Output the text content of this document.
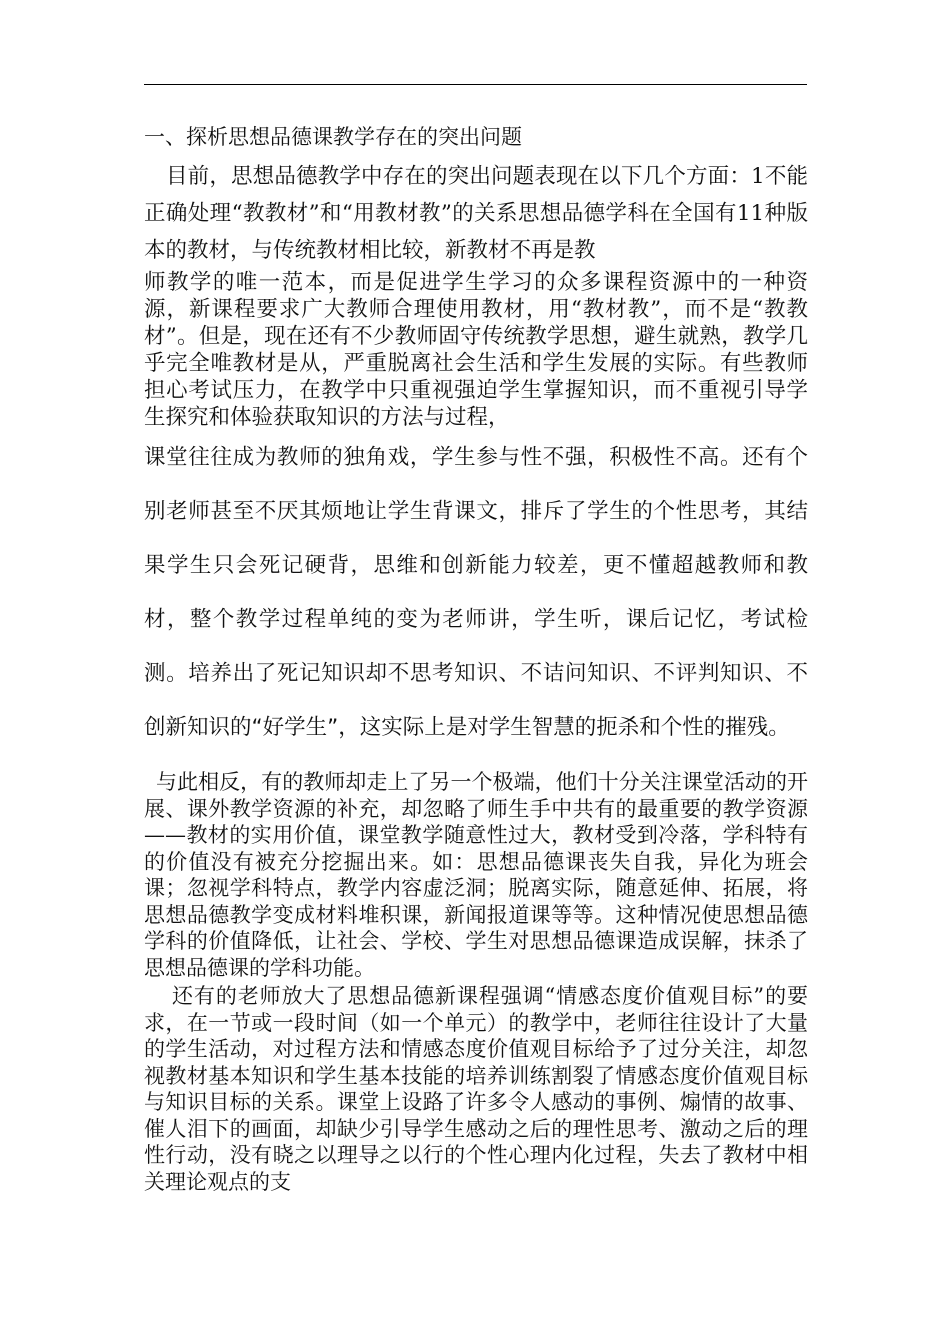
一、探析思想品德课教学存在的突出问题

目前，思想品德教学中存在的突出问题表现在以下几个方面：1不能正确处理“教教材”和“用教材教”的关系思想品德学科在全国有11种版本的教材，与传统教材相比较，新教材不再是教

师教学的唯一范本，而是促进学生学习的众多课程资源中的一种资源，新课程要求广大教师合理使用教材，用“教材教”，而不是“教教材”。但是，现在还有不少教师固守传统教学思想，避生就熟，教学几乎完全唯教材是从，严重脱离社会生活和学生发展的实际。有些教师担心考试压力，在教学中只重视强迫学生掌握知识，而不重视引导学生探究和体验获取知识的方法与过程，

课堂往往成为教师的独角戏，学生参与性不强，积极性不高。还有个别老师甚至不厌其烦地让学生背课文，排斥了学生的个性思考，其结果学生只会死记硬背，思维和创新能力较差，更不懂超越教师和教材，整个教学过程单纯的变为老师讲，学生听，课后记忆，考试检测。培养出了死记知识却不思考知识、不诘问知识、不评判知识、不创新知识的“好学生”，这实际上是对学生智慧的扼杀和个性的摧残。

与此相反，有的教师却走上了另一个极端，他们十分关注课堂活动的开展、课外教学资源的补充，却忽略了师生手中共有的最重要的教学资源——教材的实用价值，课堂教学随意性过大，教材受到冷落，学科特有的价值没有被充分挖掘出来。如：思想品德课丧失自我，异化为班会课；忽视学科特点，教学内容虚泛洞；脱离实际，随意延伸、拓展，将思想品德教学变成材料堆积课，新闻报道课等等。这种情况使思想品德学科的价值降低，让社会、学校、学生对思想品德课造成误解，抹杀了思想品德课的学科功能。

还有的老师放大了思想品德新课程强调“情感态度价值观目标”的要求，在一节或一段时间（如一个单元）的教学中，老师往往设计了大量的学生活动，对过程方法和情感态度价值观目标给予了过分关注，却忽视教材基本知识和学生基本技能的培养训练割裂了情感态度价值观目标与知识目标的关系。课堂上设路了许多令人感动的事例、煽情的故事、催人泪下的画面，却缺少引导学生感动之后的理性思考、激动之后的理性行动，没有晓之以理导之以行的个性心理内化过程，失去了教材中相关理论观点的支
